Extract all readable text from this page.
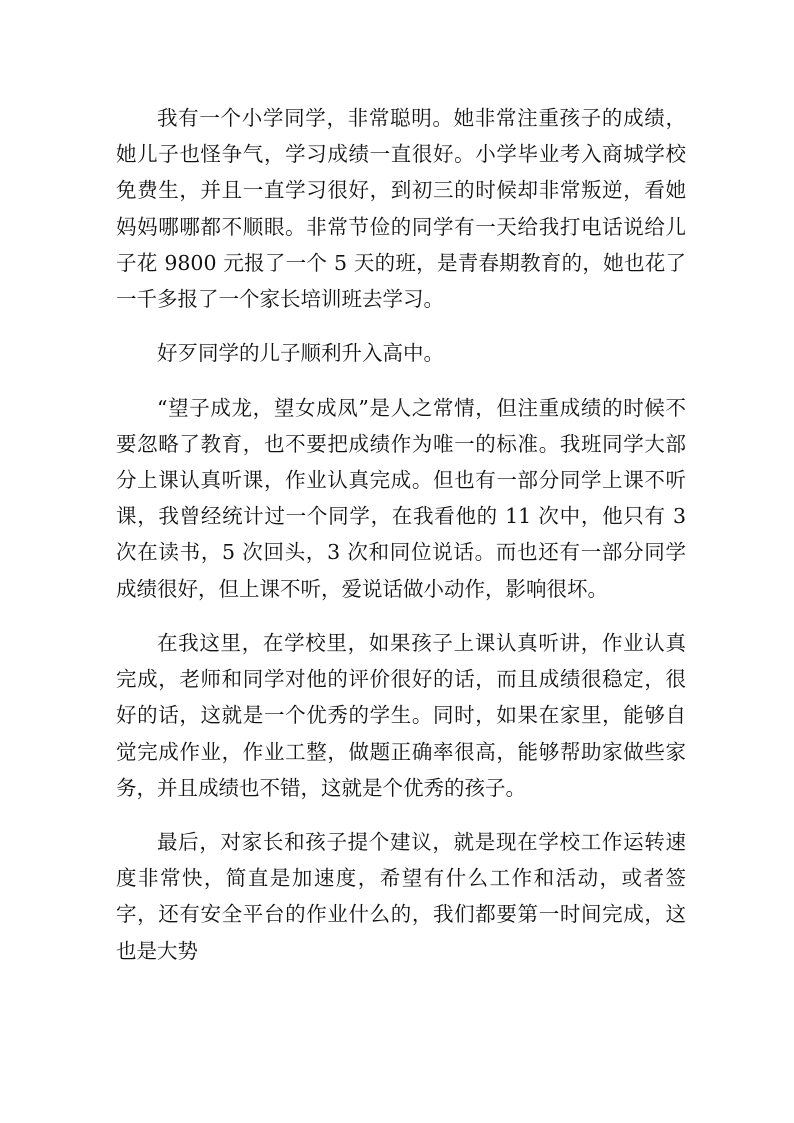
我有一个小学同学，非常聪明。她非常注重孩子的成绩，她儿子也怪争气，学习成绩一直很好。小学毕业考入商城学校免费生，并且一直学习很好，到初三的时候却非常叛逆，看她妈妈哪哪都不顺眼。非常节俭的同学有一天给我打电话说给儿子花 9800 元报了一个 5 天的班，是青春期教育的，她也花了一千多报了一个家长培训班去学习。

好歹同学的儿子顺利升入高中。

“望子成龙，望女成凤”是人之常情，但注重成绩的时候不要忽略了教育，也不要把成绩作为唯一的标准。我班同学大部分上课认真听课，作业认真完成。但也有一部分同学上课不听课，我曾经统计过一个同学，在我看他的 11 次中，他只有 3 次在读书，5 次回头，3 次和同位说话。而也还有一部分同学成绩很好，但上课不听，爱说话做小动作，影响很坏。

在我这里，在学校里，如果孩子上课认真听讲，作业认真完成，老师和同学对他的评价很好的话，而且成绩很稳定，很好的话，这就是一个优秀的学生。同时，如果在家里，能够自觉完成作业，作业工整，做题正确率很高，能够帮助家做些家务，并且成绩也不错，这就是个优秀的孩子。

最后，对家长和孩子提个建议，就是现在学校工作运转速度非常快，简直是加速度，希望有什么工作和活动，或者签字，还有安全平台的作业什么的，我们都要第一时间完成，这也是大势
